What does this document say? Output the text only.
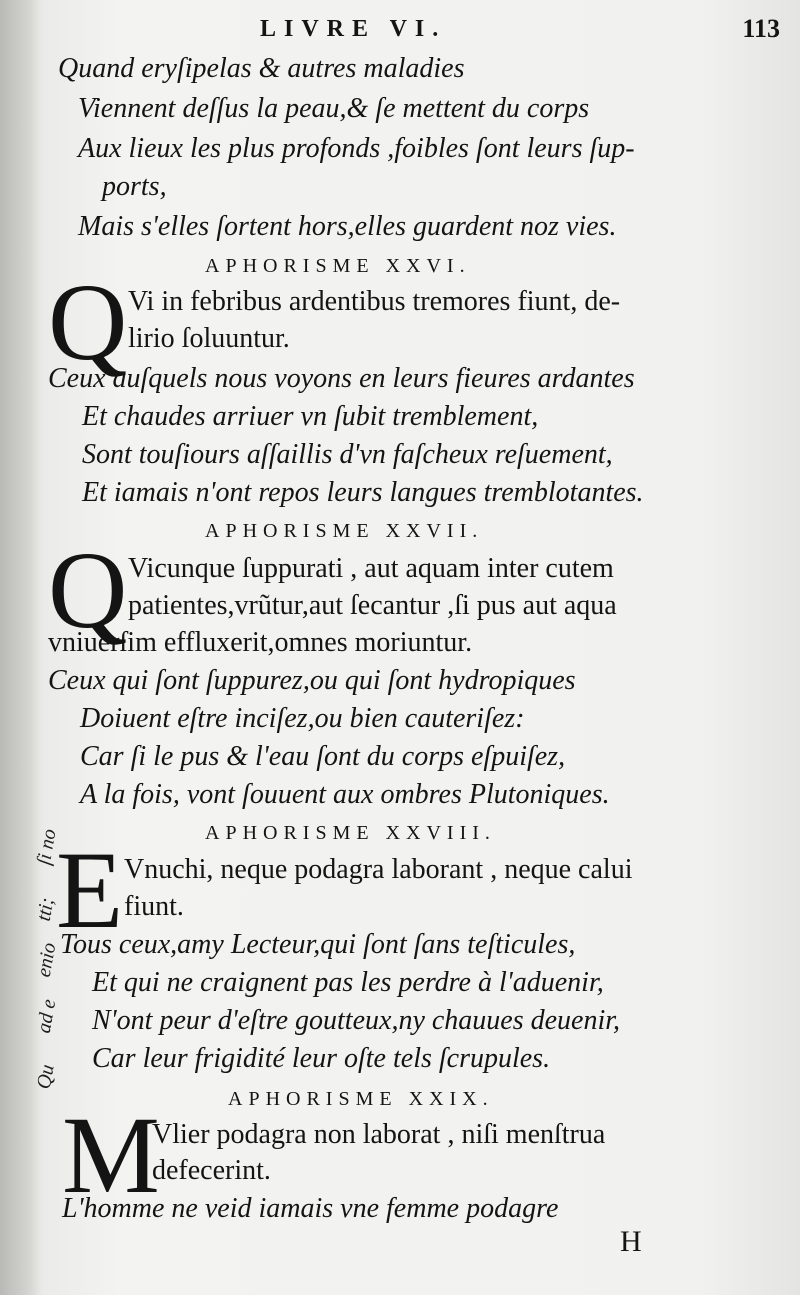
ſi no
tti;
enio
ad e
Qu
LIVRE VI.	113
Quand eryſipelas & autres maladies
Viennent deſſus la peau,& ſe mettent du corps
Aux lieux les plus profonds ,foibles ſont leurs ſup-
ports,
Mais s'elles ſortent hors,elles guardent noz vies.
APHORISME XXVI.
Q Vi in febribus ardentibus tremores fiunt, de-
lirio ſoluuntur.
Ceux auſquels nous voyons en leurs fieures ardantes
Et chaudes arriuer vn ſubit tremblement,
Sont touſiours aſſaillis d'vn faſcheux reſuement,
Et iamais n'ont repos leurs langues tremblotantes.
APHORISME XXVII.
Q Vicunque ſuppurati , aut aquam inter cutem
patientes,vrũtur,aut ſecantur ,ſi pus aut aqua
vniuerſim effluxerit,omnes moriuntur.
Ceux qui ſont ſuppurez,ou qui ſont hydropiques
Doiuent eſtre inciſez,ou bien cauteriſez:
Car ſi le pus & l'eau ſont du corps eſpuiſez,
A la fois, vont ſouuent aux ombres Plutoniques.
APHORISME XXVIII.
E Vnuchi, neque podagra laborant , neque calui
fiunt.
Tous ceux,amy Lecteur,qui ſont ſans teſticules,
Et qui ne craignent pas les perdre à l'aduenir,
N'ont peur d'eſtre goutteux,ny chauues deuenir,
Car leur frigidité leur oſte tels ſcrupules.
APHORISME XXIX.
M
Vlier podagra non laborat , niſi menſtrua
defecerint.
L'homme ne veid iamais vne femme podagre
H
